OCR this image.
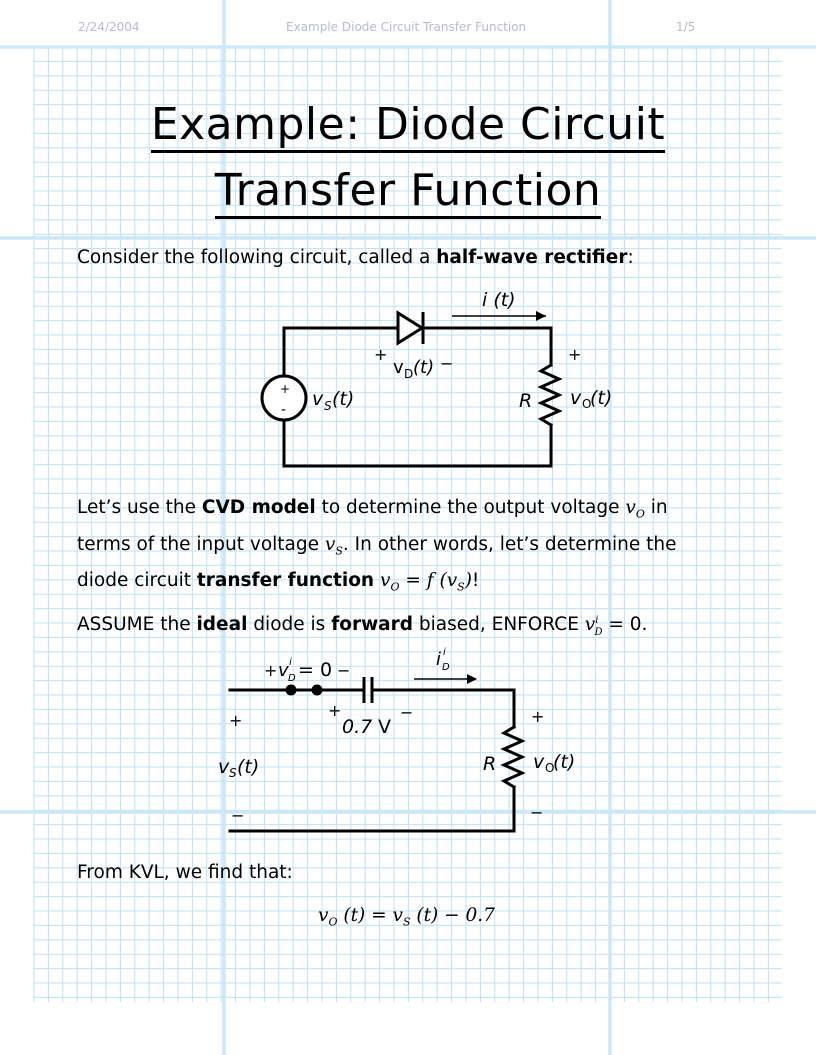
2/24/2004	Example Diode Circuit Transfer Function	1/5
Example: Diode Circuit
Transfer Function
Consider the following circuit, called a half-wave rectifier:
+
-
i (t)
+
v D (t) −
v S (t)	R
+
v O
(t)
Let’s use the CVD model to determine the output voltage $v_O$ in
terms of the input voltage $v_S$. In other words, let’s determine the
diode circuit transfer function $v_O = f$ $(v_S)$!
ASSUME the ideal diode is forward biased, ENFORCE $v^i_D = 0$.
+ v i
D = 0 −
i i
D
+
0.7 V
−
+
v S (t)
−
R
+
v O
(t)
−
From KVL, we find that:
$v_O$ $(t) = v_S$ (t) − 0.7
